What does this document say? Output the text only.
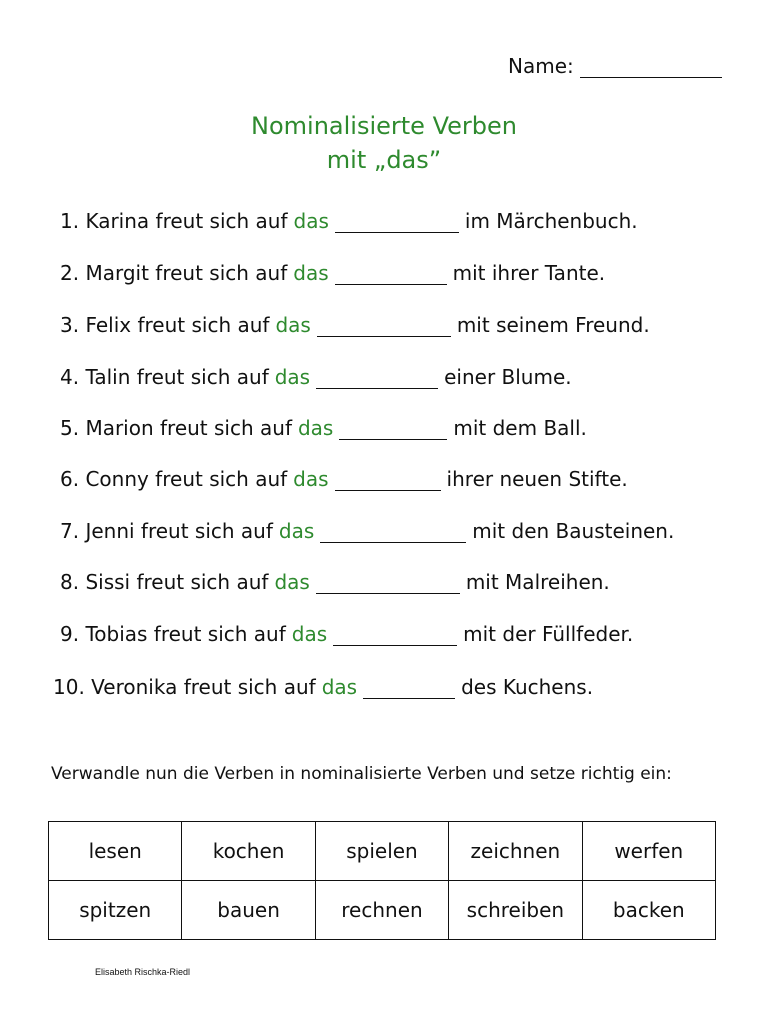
Name:
Nominalisierte Verben
mit „das”
1. Karina freut sich auf das	im Märchenbuch.
2. Margit freut sich auf das	mit ihrer Tante.
3. Felix freut sich auf das	mit seinem Freund.
4. Talin freut sich auf das	einer Blume.
5. Marion freut sich auf das	mit dem Ball.
6. Conny freut sich auf das	ihrer neuen Stifte.
7. Jenni freut sich auf das	mit den Bausteinen.
8. Sissi freut sich auf das	mit Malreihen.
9. Tobias freut sich auf das	mit der Füllfeder.
10. Veronika freut sich auf das	des Kuchens.
Verwandle nun die Verben in nominalisierte Verben und setze richtig ein:
lesen	kochen	spielen	zeichnen	werfen
spitzen	bauen	rechnen	schreiben	backen
Elisabeth Rischka-Riedl
